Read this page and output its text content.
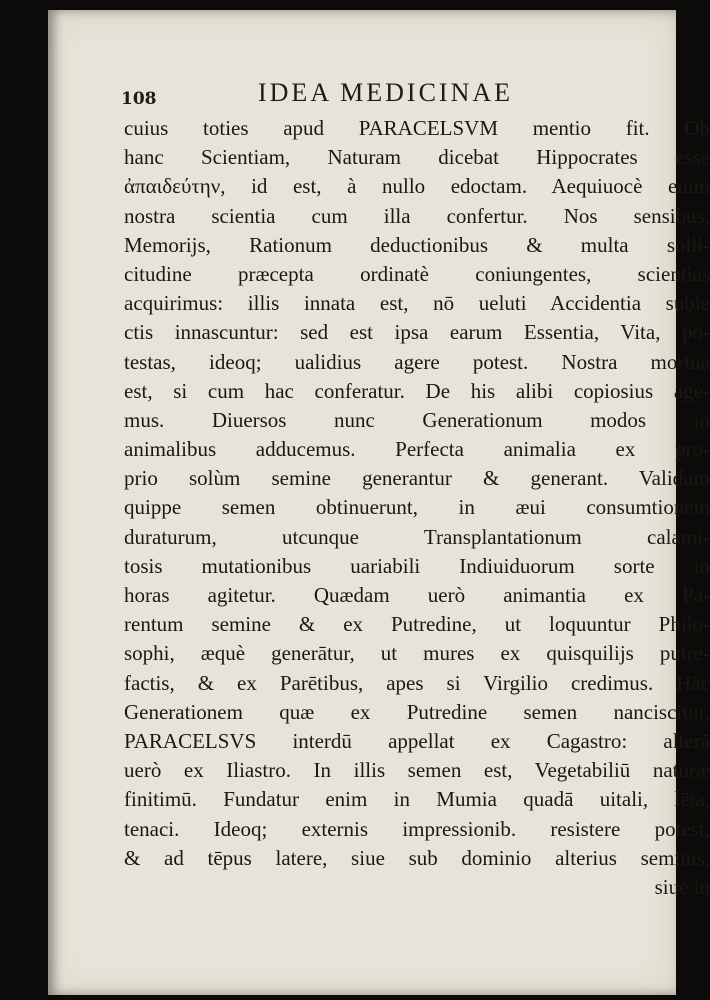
108	IDEA MEDICINAE
cuius toties apud PARACELSVM mentio fit. Ob
hanc Scientiam, Naturam dicebat Hippocrates esse
ἀπαιδεύτην, id est, à nullo edoctam. Aequiuocè enim
nostra scientia cum illa confertur. Nos sensibus,
Memorijs, Rationum deductionibus & multa solli-
citudine præcepta ordinatè coniungentes, scientias
acquirimus: illis innata est, nō ueluti Accidentia subie
ctis innascuntur: sed est ipsa earum Essentia, Vita, po-
testas, ideoq; ualidius agere potest. Nostra mortua
est, si cum hac conferatur. De his alibi copiosius age-
mus. Diuersos nunc Generationum modos in
animalibus adducemus. Perfecta animalia ex pro-
prio solùm semine generantur & generant. Validum
quippe semen obtinuerunt, in æui consumtionem
duraturum, utcunque Transplantationum calami-
tosis mutationibus uariabili Indiuiduorum sorte in
horas agitetur. Quædam uerò animantia ex Pa-
rentum semine & ex Putredine, ut loquuntur Philo-
sophi, æquè generātur, ut mures ex quisquilijs putre-
factis, & ex Parētibus, apes si Virgilio credimus. Hāc
Generationem quæ ex Putredine semen nanciscitur,
PARACELSVS interdū appellat ex Cagastro: alterā
uerò ex Iliastro. In illis semen est, Vegetabiliū naturæ
finitimū. Fundatur enim in Mumia quadā uitali, lēta,
tenaci. Ideoq; externis impressionib. resistere potest,
& ad tēpus latere, siue sub dominio alterius seminis,
siue in
